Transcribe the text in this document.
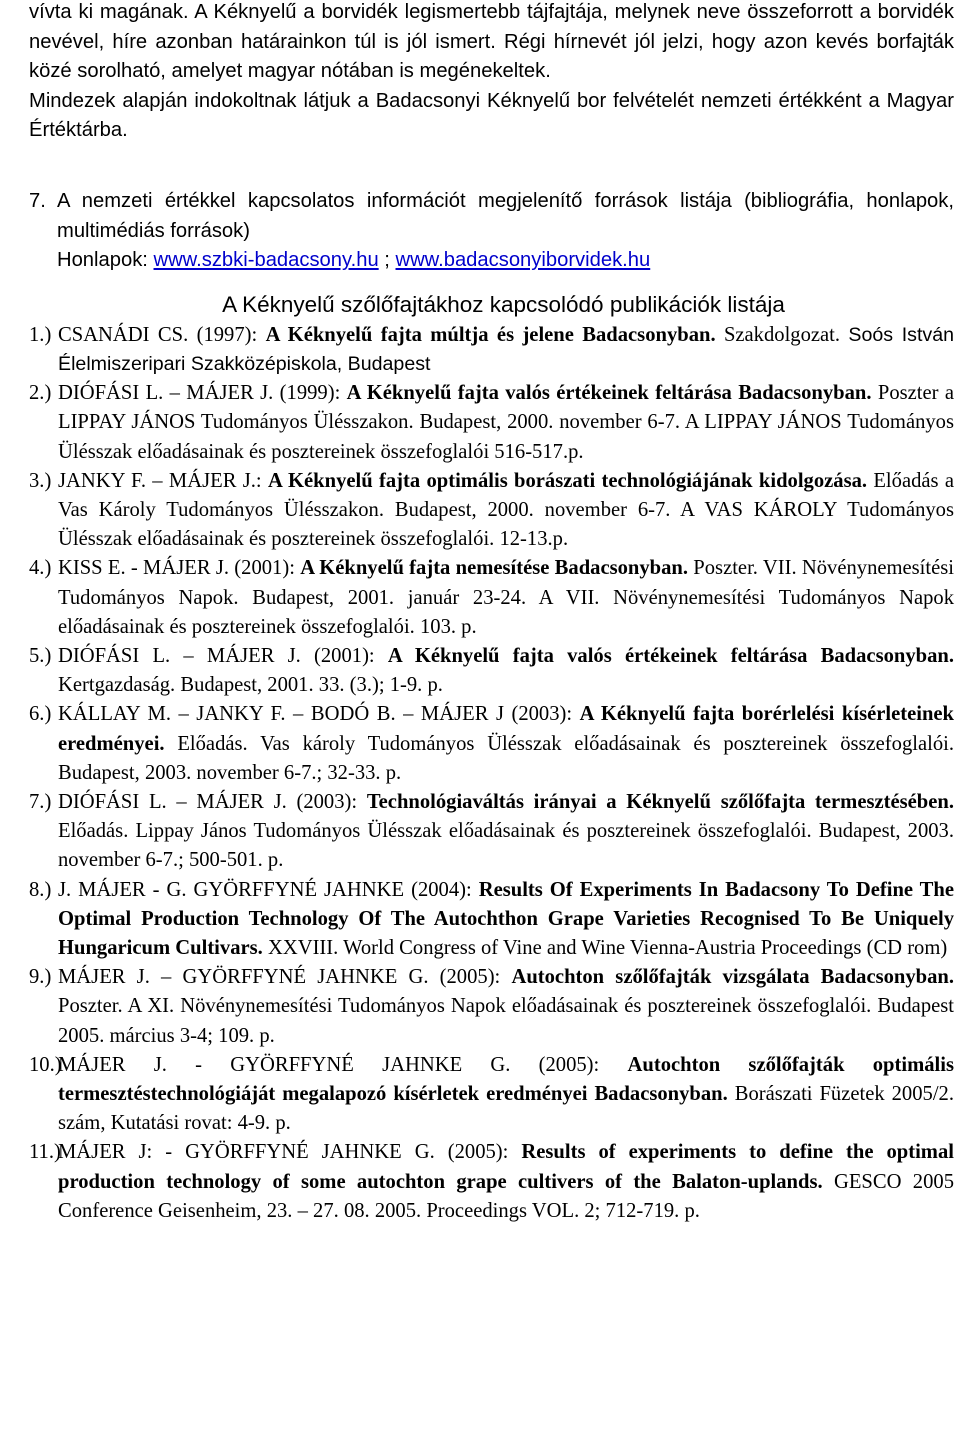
vívta ki magának. A Kéknyelű a borvidék legismertebb tájfajtája, melynek neve összeforrott a borvidék nevével, híre azonban határainkon túl is jól ismert. Régi hírnevét jól jelzi, hogy azon kevés borfajták közé sorolható, amelyet magyar nótában is megénekeltek.

Mindezek alapján indokoltnak látjuk a Badacsonyi Kéknyelű bor felvételét nemzeti értékként a Magyar Értéktárba.

7. A nemzeti értékkel kapcsolatos információt megjelenítő források listája (bibliográfia, honlapok, multimédiás források)
Honlapok: www.szbki-badacsony.hu ; www.badacsonyiborvidek.hu
A Kéknyelű szőlőfajtákhoz kapcsolódó publikációk listája
1.) CSANÁDI CS. (1997): A Kéknyelű fajta múltja és jelene Badacsonyban. Szakdolgozat. Soós István Élelmiszeripari Szakközépiskola, Budapest
2.) DIÓFÁSI L. – MÁJER J. (1999): A Kéknyelű fajta valós értékeinek feltárása Badacsonyban. Poszter a LIPPAY JÁNOS Tudományos Ülésszakon. Budapest, 2000. november 6-7. A LIPPAY JÁNOS Tudományos Ülésszak előadásainak és posztereinek összefoglalói 516-517.p.
3.) JANKY F. – MÁJER J.: A Kéknyelű fajta optimális borászati technológiájának kidolgozása. Előadás a Vas Károly Tudományos Ülésszakon. Budapest, 2000. november 6-7. A VAS KÁROLY Tudományos Ülésszak előadásainak és posztereinek összefoglalói. 12-13.p.
4.) KISS E. - MÁJER J. (2001): A Kéknyelű fajta nemesítése Badacsonyban. Poszter. VII. Növénynemesítési Tudományos Napok. Budapest, 2001. január 23-24. A VII. Növénynemesítési Tudományos Napok előadásainak és posztereinek összefoglalói. 103. p.
5.) DIÓFÁSI L. – MÁJER J. (2001): A Kéknyelű fajta valós értékeinek feltárása Badacsonyban. Kertgazdaság. Budapest, 2001. 33. (3.); 1-9. p.
6.) KÁLLAY M. – JANKY F. – BODÓ B. – MÁJER J (2003): A Kéknyelű fajta borérlelési kísérleteinek eredményei. Előadás. Vas károly Tudományos Ülésszak előadásainak és posztereinek összefoglalói. Budapest, 2003. november 6-7.; 32-33. p.
7.) DIÓFÁSI L. – MÁJER J. (2003): Technológiaváltás irányai a Kéknyelű szőlőfajta termesztésében. Előadás. Lippay János Tudományos Ülésszak előadásainak és posztereinek összefoglalói. Budapest, 2003. november 6-7.; 500-501. p.
8.) J. MÁJER - G. GYÖRFFYNÉ JAHNKE (2004): Results Of Experiments In Badacsony To Define The Optimal Production Technology Of The Autochthon Grape Varieties Recognised To Be Uniquely Hungaricum Cultivars. XXVIII. World Congress of Vine and Wine Vienna-Austria Proceedings (CD rom)
9.) MÁJER J. – GYÖRFFYNÉ JAHNKE G. (2005): Autochton szőlőfajták vizsgálata Badacsonyban. Poszter. A XI. Növénynemesítési Tudományos Napok előadásainak és posztereinek összefoglalói. Budapest 2005. március 3-4; 109. p.
10.)
MÁJER J. - GYÖRFFYNÉ JAHNKE G. (2005): Autochton szőlőfajták optimális termesztéstechnológiáját megalapozó kísérletek eredményei Badacsonyban. Borászati Füzetek 2005/2. szám, Kutatási rovat: 4-9. p.
11.)
MÁJER J: - GYÖRFFYNÉ JAHNKE G. (2005): Results of experiments to define the optimal production technology of some autochton grape cultivers of the Balaton-uplands. GESCO 2005 Conference Geisenheim, 23. – 27. 08. 2005. Proceedings VOL. 2; 712-719. p.
